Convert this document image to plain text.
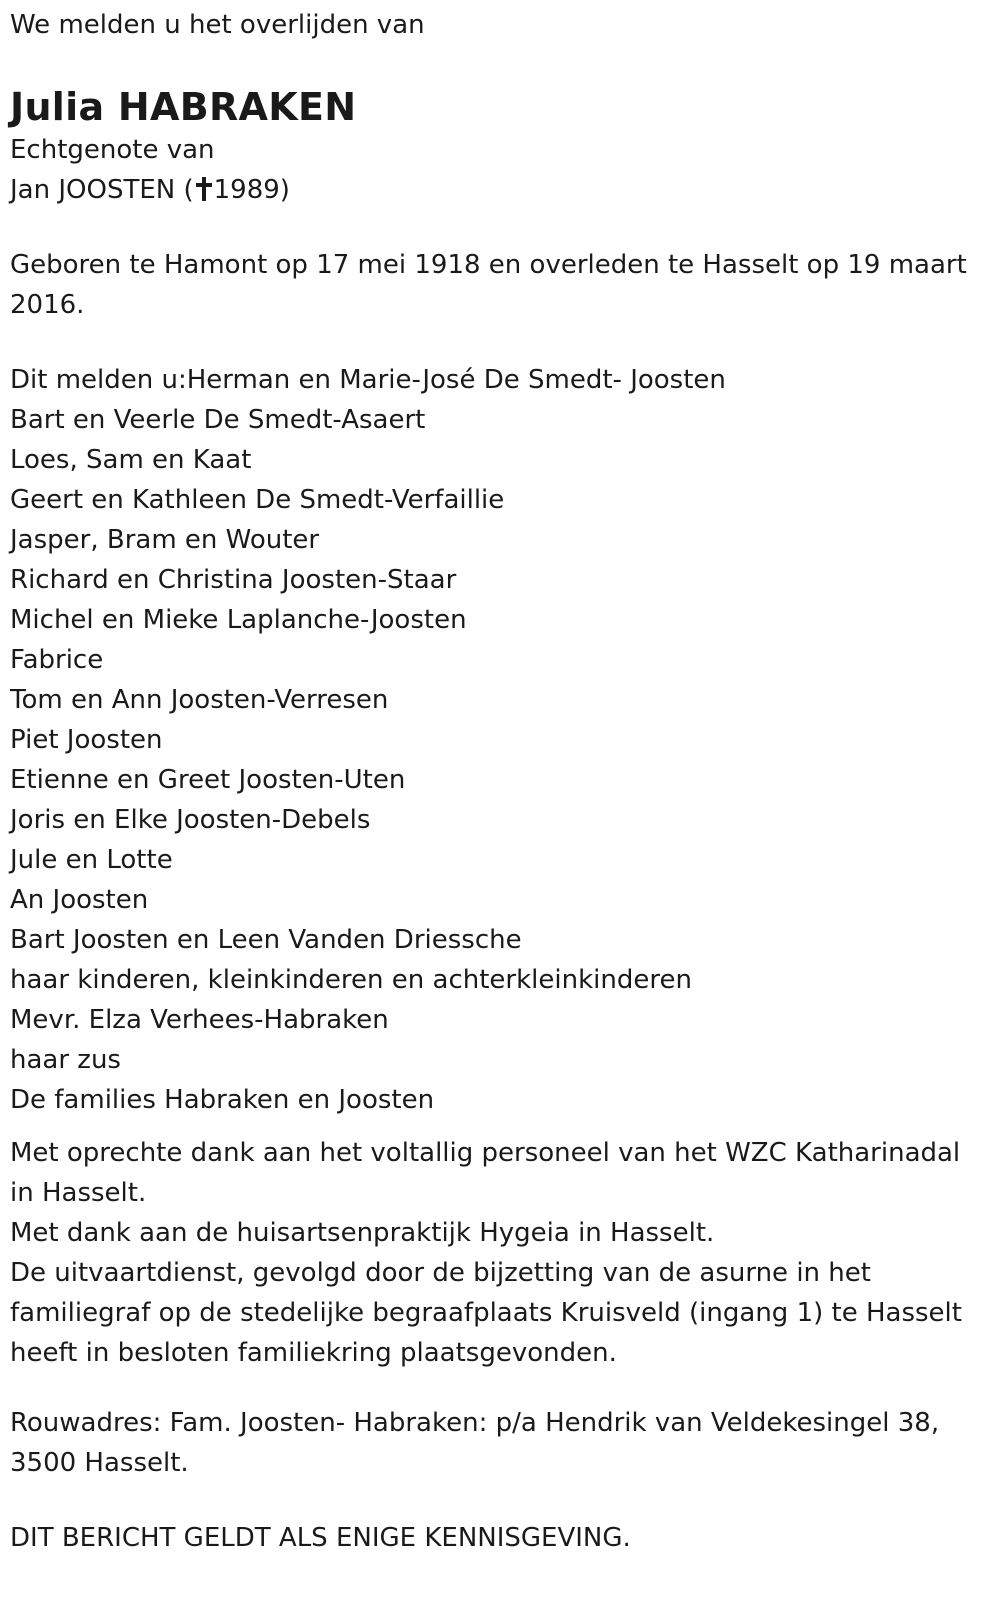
We melden u het overlijden van
Julia HABRAKEN
Echtgenote van
Jan JOOSTEN ( 1989)
Geboren te Hamont op 17 mei 1918 en overleden te Hasselt op 19 maart
2016.
Dit melden u:Herman en Marie-José De Smedt- Joosten
Bart en Veerle De Smedt-Asaert
Loes, Sam en Kaat
Geert en Kathleen De Smedt-Verfaillie
Jasper, Bram en Wouter
Richard en Christina Joosten-Staar
Michel en Mieke Laplanche-Joosten
Fabrice
Tom en Ann Joosten-Verresen
Piet Joosten
Etienne en Greet Joosten-Uten
Joris en Elke Joosten-Debels
Jule en Lotte
An Joosten
Bart Joosten en Leen Vanden Driessche
haar kinderen, kleinkinderen en achterkleinkinderen
Mevr. Elza Verhees-Habraken
haar zus
De families Habraken en Joosten
Met oprechte dank aan het voltallig personeel van het WZC Katharinadal
in Hasselt.
Met dank aan de huisartsenpraktijk Hygeia in Hasselt.
De uitvaartdienst, gevolgd door de bijzetting van de asurne in het
familiegraf op de stedelijke begraafplaats Kruisveld (ingang 1) te Hasselt
heeft in besloten familiekring plaatsgevonden.
Rouwadres: Fam. Joosten- Habraken: p/a Hendrik van Veldekesingel 38,
3500 Hasselt.
DIT BERICHT GELDT ALS ENIGE KENNISGEVING.
